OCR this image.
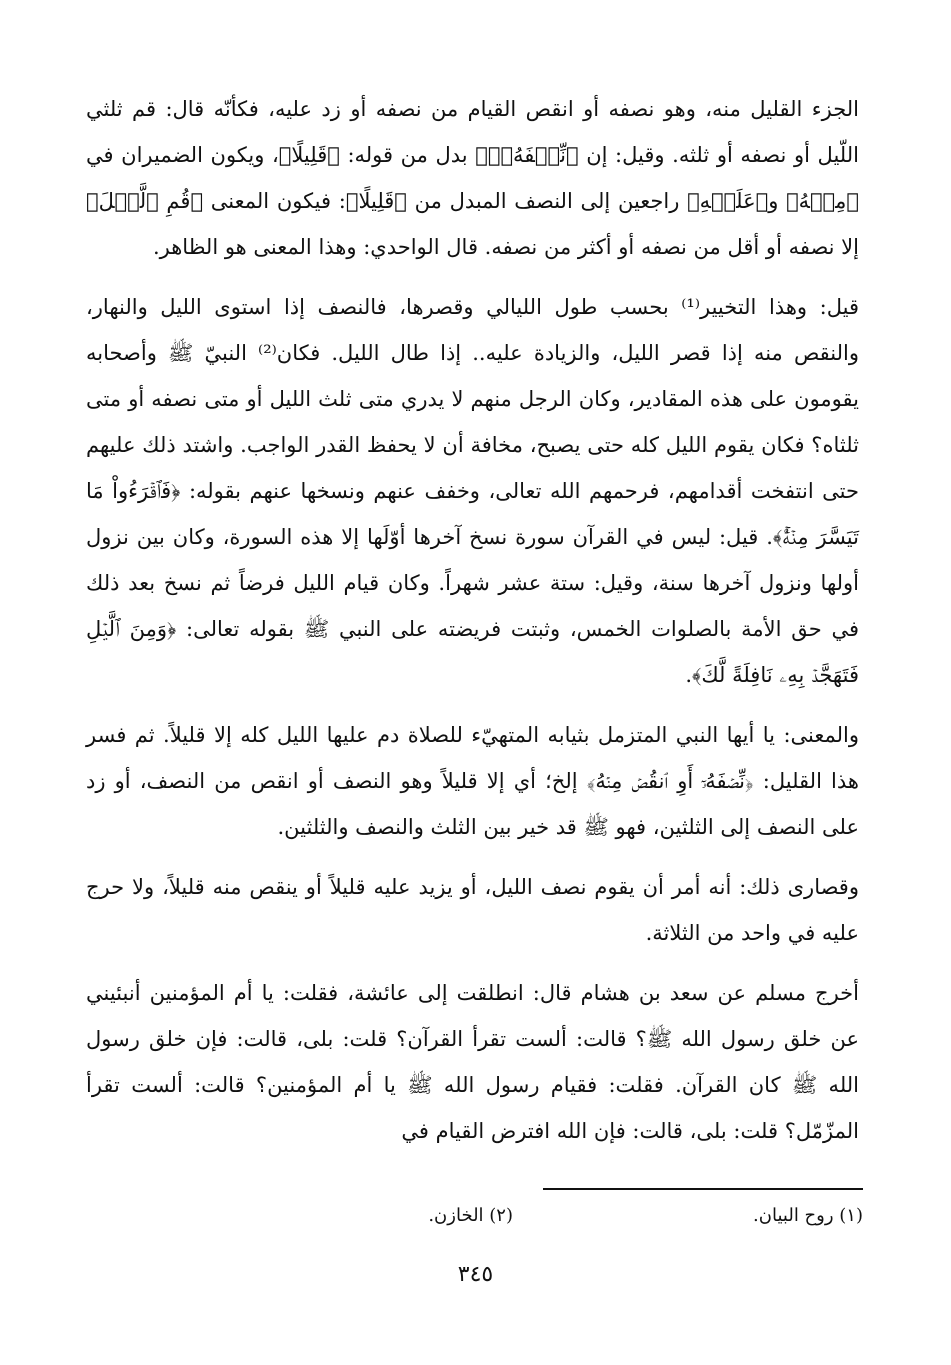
الجزء القليل منه، وهو نصفه أو انقص القيام من نصفه أو زد عليه، فكأنّه قال: قم ثلثي اللّيل أو نصفه أو ثلثه. وقيل: إن ﴿نِّصۡفَهُۥٓ﴾ بدل من قوله: ﴿قَلِيلًا﴾، ويكون الضميران في ﴿مِنۡهُ﴾ و﴿عَلَيۡهِ﴾ راجعين إلى النصف المبدل من ﴿قَلِيلًا﴾: فيكون المعنى ﴿قُمِ ٱلَّيۡلَ﴾ إلا نصفه أو أقل من نصفه أو أكثر من نصفه. قال الواحدي: وهذا المعنى هو الظاهر.

قيل: وهذا التخيير⁽¹⁾ بحسب طول الليالي وقصرها، فالنصف إذا استوى الليل والنهار، والنقص منه إذا قصر الليل، والزيادة عليه.. إذا طال الليل. فكان⁽²⁾ النبيّ ﷺ وأصحابه يقومون على هذه المقادير، وكان الرجل منهم لا يدري متى ثلث الليل أو متى نصفه أو متى ثلثاه؟ فكان يقوم الليل كله حتى يصبح، مخافة أن لا يحفظ القدر الواجب. واشتد ذلك عليهم حتى انتفخت أقدامهم، فرحمهم الله تعالى، وخفف عنهم ونسخها عنهم بقوله: ﴿فَٱقۡرَءُواْ مَا تَيَسَّرَ مِنۡهُۚ﴾. قيل: ليس في القرآن سورة نسخ آخرها أوّلَها إلا هذه السورة، وكان بين نزول أولها ونزول آخرها سنة، وقيل: ستة عشر شهراً. وكان قيام الليل فرضاً ثم نسخ بعد ذلك في حق الأمة بالصلوات الخمس، وثبتت فريضته على النبي ﷺ بقوله تعالى: ﴿وَمِنَ ٱلَّيۡلِ فَتَهَجَّدۡ بِهِۦ نَافِلَةً لَّكَ﴾.

والمعنى: يا أيها النبي المتزمل بثيابه المتهيّء للصلاة دم عليها الليل كله إلا قليلاً. ثم فسر هذا القليل: ﴿نِّصۡفَهُۥٓ أَوِ ٱنقُصۡ مِنۡهُ﴾ إلخ؛ أي إلا قليلاً وهو النصف أو انقص من النصف، أو زد على النصف إلى الثلثين، فهو ﷺ قد خير بين الثلث والنصف والثلثين.

وقصارى ذلك: أنه أمر أن يقوم نصف الليل، أو يزيد عليه قليلاً أو ينقص منه قليلاً، ولا حرج عليه في واحد من الثلاثة.

أخرج مسلم عن سعد بن هشام قال: انطلقت إلى عائشة، فقلت: يا أم المؤمنين أنبئيني عن خلق رسول الله ﷺ؟ قالت: ألست تقرأ القرآن؟ قلت: بلى، قالت: فإن خلق رسول الله ﷺ كان القرآن. فقلت: فقيام رسول الله ﷺ يا أم المؤمنين؟ قالت: ألست تقرأ المزّمّل؟ قلت: بلى، قالت: فإن الله افترض القيام في

(١) روح البيان.
(٢) الخازن.
٣٤٥
